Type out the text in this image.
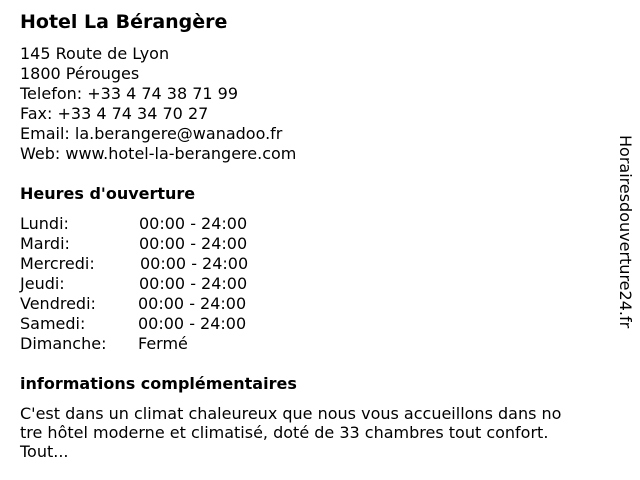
Hotel La Bérangère
145 Route de Lyon
1800 Pérouges
Telefon: +33 4 74 38 71 99
Fax: +33 4 74 34 70 27
Email: la.berangere@wanadoo.fr
Web: www.hotel-la-berangere.com
Heures d'ouverture
Lundi:	00:00 - 24:00
Mardi:	00:00 - 24:00
Mercredi:	00:00 - 24:00
Jeudi:	00:00 - 24:00
Vendredi:	00:00 - 24:00
Samedi:	00:00 - 24:00
Dimanche: Fermé
informations complémentaires
C'est dans un climat chaleureux que nous vous accueillons dans no
tre hôtel moderne et climatisé, doté de 33 chambres tout confort.
Tout...
Horairesdouverture24.fr
